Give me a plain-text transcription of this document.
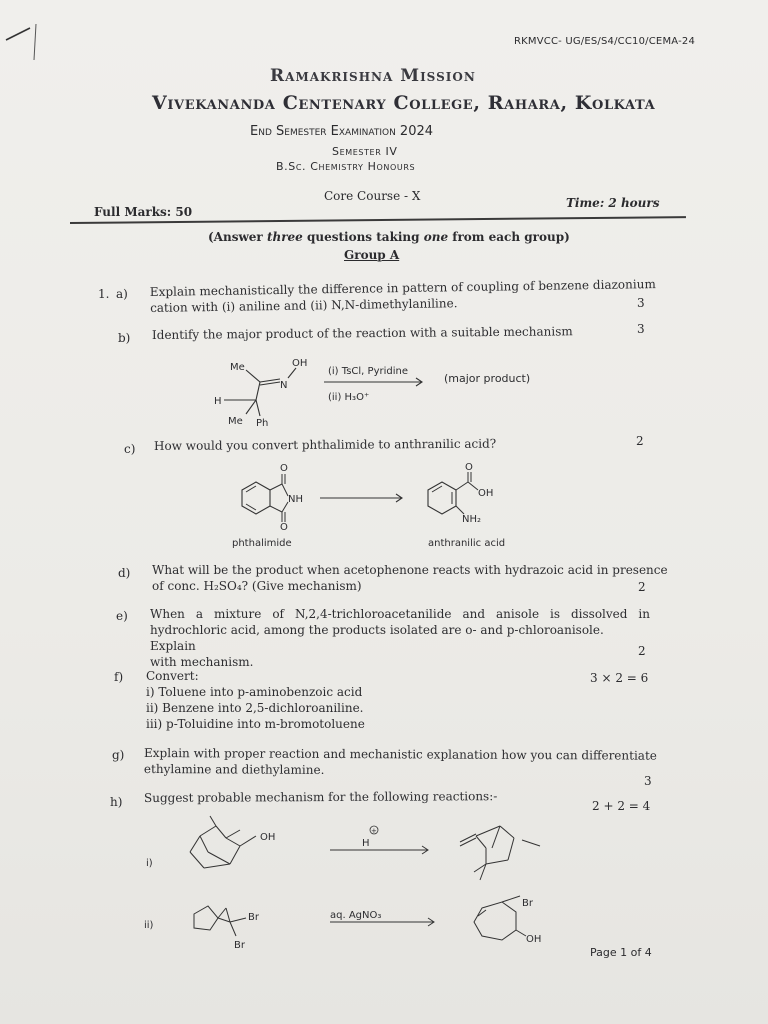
RKMVCC- UG/ES/S4/CC10/CEMA-24
Ramakrishna Mission
Vivekananda Centenary College, Rahara, Kolkata
End Semester Examination 2024
Semester IV
B.Sc. Chemistry Honours
Core Course - X
Full Marks: 50
Time: 2 hours
(Answer three questions taking one from each group)
Group A
1. a) Explain mechanistically the difference in pattern of coupling of benzene diazonium
cation with (i) aniline and (ii) N,N-dimethylaniline.	3
b) Identify the major product of the reaction with a suitable mechanism	3
Me	OH
N
H
Me Ph
(i) TsCl, Pyridine
(ii) H₃O⁺
(major product)
c) How would you convert phthalimide to anthranilic acid?	2
O
O
NH
phthalimide
O
OH
NH₂
anthranilic acid
d) What will be the product when acetophenone reacts with hydrazoic acid in presence
of conc. H₂SO₄? (Give mechanism)	2
e) When a mixture of N,2,4-trichloroacetanilide and anisole is dissolved in
hydrochloric acid, among the products isolated are o- and p-chloroanisole. Explain
with mechanism.
2
f) Convert:
i) Toluene into p-aminobenzoic acid
ii) Benzene into 2,5-dichloroaniline.
iii) p-Toluidine into m-bromotoluene
3 × 2 = 6
g) Explain with proper reaction and mechanistic explanation how you can differentiate
ethylamine and diethylamine.
3
h) Suggest probable mechanism for the following reactions:-
2 + 2 = 4
i)
OH
+
H
ii)
Br
Br
aq. AgNO₃
Br
OH
Page 1 of 4
